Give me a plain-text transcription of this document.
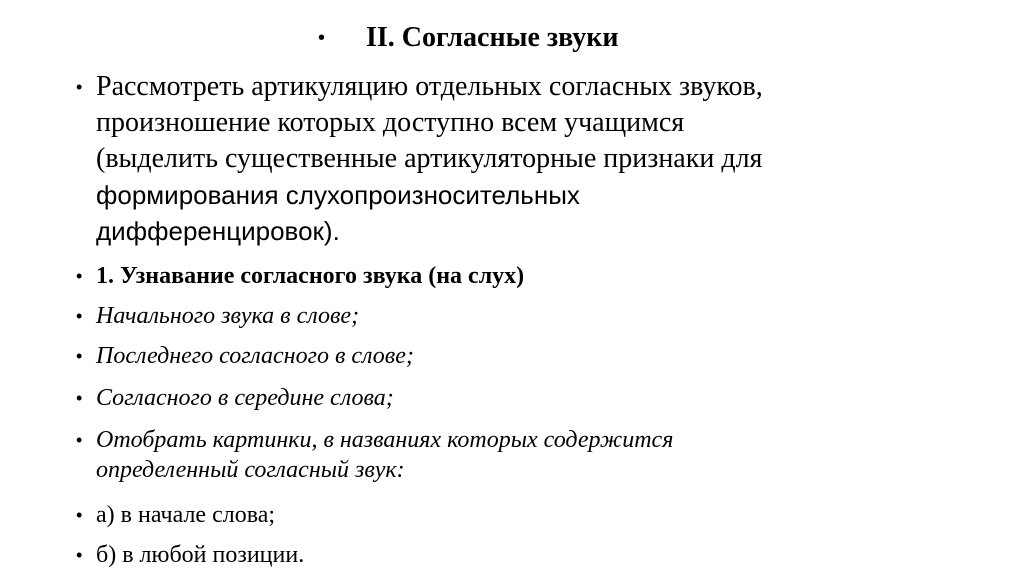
•	II. Согласные звуки
• Рассмотреть артикуляцию отдельных согласных звуков,
произношение которых доступно всем учащимся
(выделить существенные артикуляторные признаки для
формирования слухопроизносительных
дифференцировок).
• 1. Узнавание согласного звука (на слух)
• Начального звука в слове;
• Последнего согласного в слове;
• Согласного в середине слова;
• Отобрать картинки, в названиях которых содержится
определенный согласный звук:
• а) в начале слова;
• б) в любой позиции.
